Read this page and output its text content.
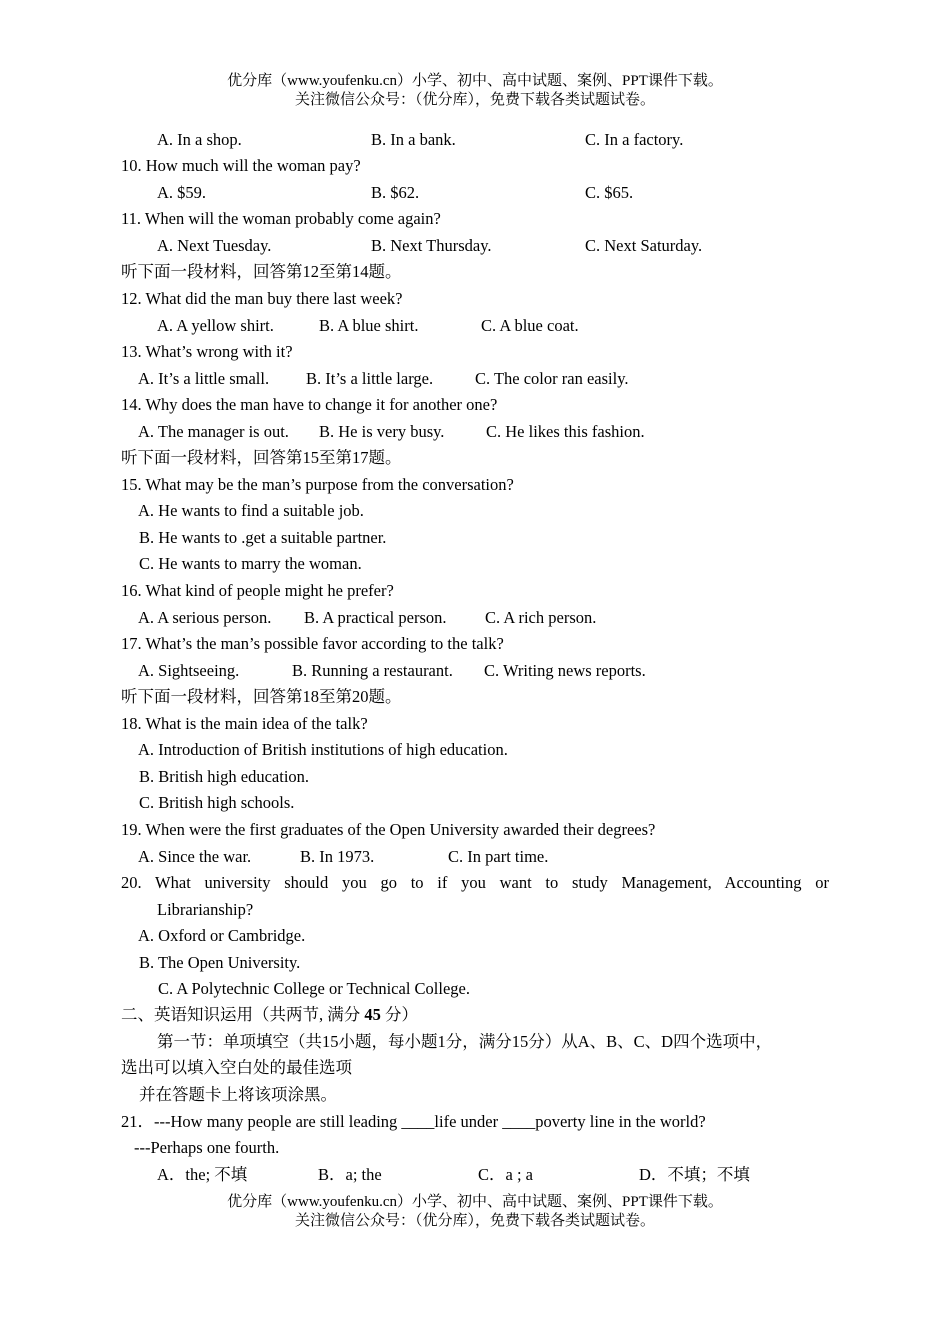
优分库（www.youfenku.cn）小学、初中、高中试题、案例、PPT课件下载。
关注微信公众号：（优分库），免费下载各类试题试卷。
A. In a shop.	B. In a bank.	C. In a factory.
10. How much will the woman pay?
A. $59.	B. $62.	C. $65.
11. When will the woman probably come again?
A. Next Tuesday.	B. Next Thursday.	C. Next Saturday.
听下面一段材料，回答第12至第14题。
12. What did the man buy there last week?
A. A yellow shirt.	B. A blue shirt.	C. A blue coat.
13. What’s wrong with it?
A. It’s a little small. B. It’s a little large.	C. The color ran easily.
14. Why does the man have to change it for another one?
A. The manager is out. B. He is very busy.	C. He likes this fashion.
听下面一段材料，回答第15至第17题。
15. What may be the man’s purpose from the conversation?
A. He wants to find a suitable job.
B. He wants to .get a suitable partner.
C. He wants to marry the woman.
16. What kind of people might he prefer?
A. A serious person. B. A practical person. C. A rich person.
17. What’s the man’s possible favor according to the talk?
A. Sightseeing.	B. Running a restaurant. C. Writing news reports.
听下面一段材料，回答第18至第20题。
18. What is the main idea of the talk?
A. Introduction of British institutions of high education.
B. British high education.
C. British high schools.
19. When were the first graduates of the Open University awarded their degrees?
A. Since the war.	B. In 1973.	C. In part time.
20. What university should you go to if you want to study Management, Accounting or
Librarianship?
A. Oxford or Cambridge.
B. The Open University.
C. A Polytechnic College or Technical College.
二、英语知识运用（共两节, 满分 45 分）
第一节：单项填空（共15小题，每小题1分，满分15分）从A、B、C、D四个选项中，
选出可以填入空白处的最佳选项
并在答题卡上将该项涂黑。
21．---How many people are still leading ____life under ____poverty line in the world?
---Perhaps one fourth.
A．the; 不填	B．a; the	C．a ; a	D．不填；不填
优分库（www.youfenku.cn）小学、初中、高中试题、案例、PPT课件下载。
关注微信公众号：（优分库），免费下载各类试题试卷。
